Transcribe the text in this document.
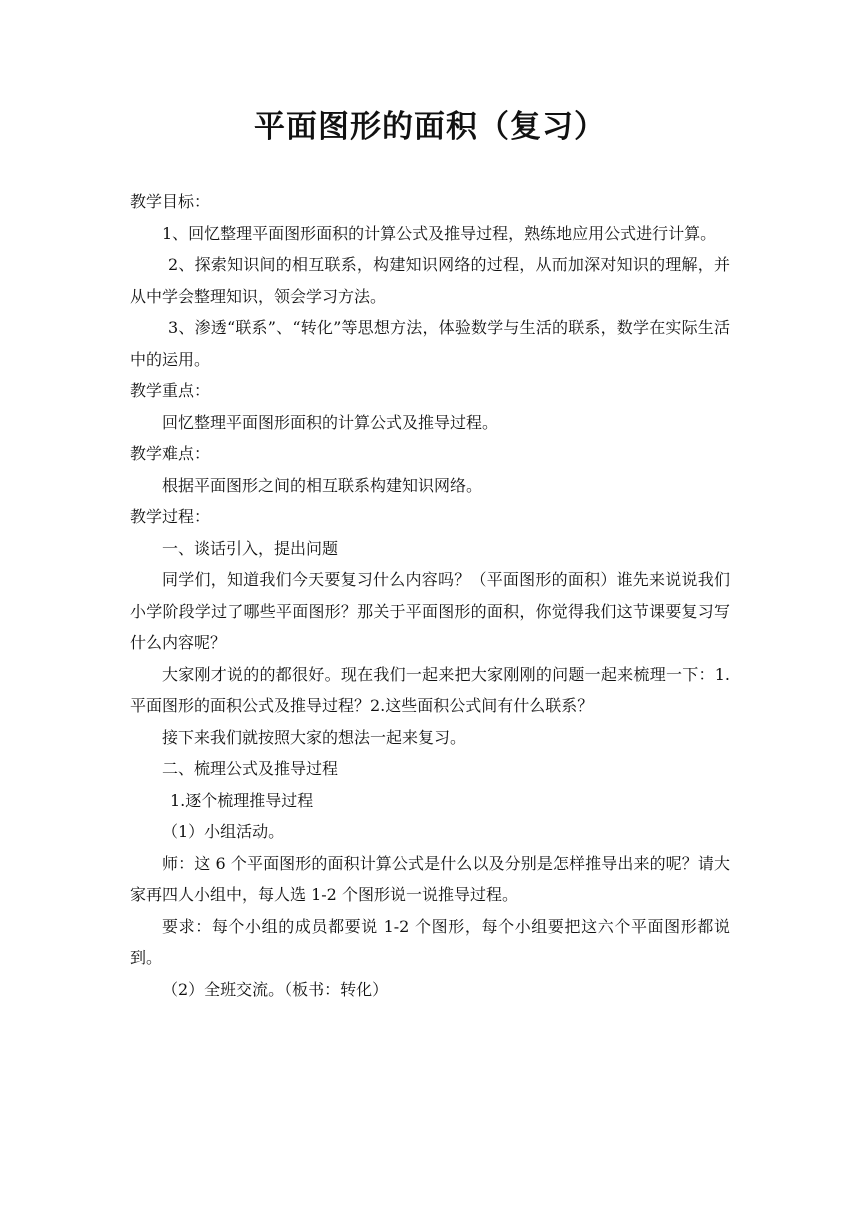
平面图形的面积（复习）
教学目标：
1、回忆整理平面图形面积的计算公式及推导过程，熟练地应用公式进行计算。
2、探索知识间的相互联系，构建知识网络的过程，从而加深对知识的理解，并从中学会整理知识，领会学习方法。
3、渗透“联系”、“转化”等思想方法，体验数学与生活的联系，数学在实际生活中的运用。
教学重点：
回忆整理平面图形面积的计算公式及推导过程。
教学难点：
根据平面图形之间的相互联系构建知识网络。
教学过程：
一、谈话引入，提出问题
同学们，知道我们今天要复习什么内容吗？（平面图形的面积）谁先来说说我们小学阶段学过了哪些平面图形？那关于平面图形的面积，你觉得我们这节课要复习写什么内容呢？
大家刚才说的的都很好。现在我们一起来把大家刚刚的问题一起来梳理一下：1.平面图形的面积公式及推导过程？2.这些面积公式间有什么联系？
接下来我们就按照大家的想法一起来复习。
二、梳理公式及推导过程
1.逐个梳理推导过程
（1）小组活动。
师：这 6 个平面图形的面积计算公式是什么以及分别是怎样推导出来的呢？请大家再四人小组中，每人选 1-2 个图形说一说推导过程。
要求：每个小组的成员都要说 1-2 个图形，每个小组要把这六个平面图形都说到。
（2）全班交流。（板书：转化）
